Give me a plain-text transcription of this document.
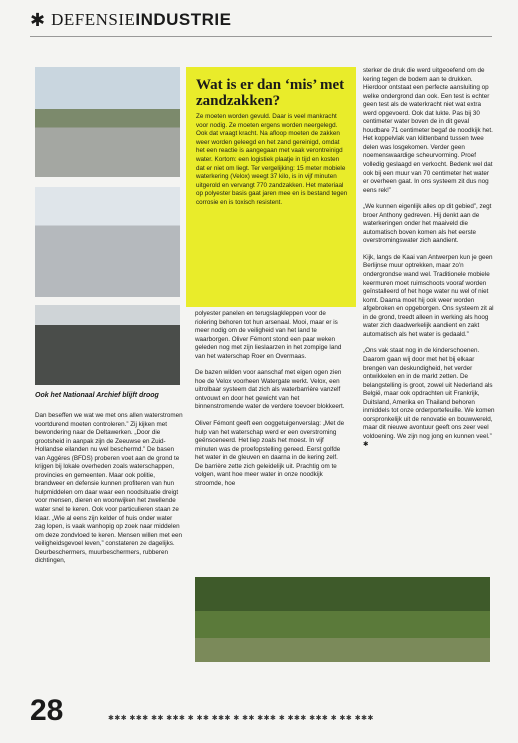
✱ DEFENSIEINDUSTRIE
Ook het Nationaal Archief blijft droog
Wat is er dan ‘mis’ met zandzakken?

Ze moeten worden gevuld. Daar is veel mankracht voor nodig. Ze moeten ergens worden neergelegd. Ook dat vraagt kracht. Na afloop moeten de zakken weer worden geleegd en het zand gereinigd, omdat het een reactie is aangegaan met vaak verontreinigd water. Kortom: een logistiek plaatje in tijd en kosten dat er niet om liegt. Ter vergelijking: 15 meter mobiele waterkering (Velox) weegt 37 kilo, is in vijf minuten uitgerold en vervangt 770 zandzakken. Het materiaal op polyester basis gaat jaren mee en is bestand tegen corrosie en is toxisch resistent.

Dan beseffen we wat we met ons allen waterstromen voortdurend moeten controleren.” Zij kijken met bewondering naar de Deltawerken. „Door die grootsheid in aanpak zijn de Zeeuwse en Zuid-Hollandse eilanden nu wel beschermd.” De basen van Aggéres (BFDS) proberen voet aan de grond te krijgen bij lokale overheden zoals waterschappen, provincies en gemeenten. Maar ook politie, brandweer en defensie kunnen profiteren van hun hulpmiddelen om daar waar een noodsituatie dreigt voor mensen, dieren en woonwijken het zwellende water snel te keren. Ook voor particulieren staan ze klaar. „Wie al eens zijn kelder of huis onder water zag lopen, is vaak wanhopig op zoek naar middelen om deze zondvloed te keren. Mensen willen met een veiligheidsgevoel leven,” constateren ze dagelijks. Deurbeschermers, muurbeschermers, rubberen dichtingen,

polyester panelen en terugslagkleppen voor de riolering behoren tot hun arsenaal. Mooi, maar er is meer nodig om de veiligheid van het land te waarborgen. Oliver Fémont stond een paar weken geleden nog met zijn lieslaarzen in het zompige land van het waterschap Roer en Overmaas.

De bazen wilden voor aanschaf met eigen ogen zien hoe de Velox voorheen Watergate werkt. Velox, een uitrolbaar systeem dat zich als waterbarrière vanzelf ontvouwt en door het gewicht van het binnenstromende water de verdere toevoer blokkeert.

Oliver Fémont geeft een ooggetuigenverslag: „Met de hulp van het waterschap werd er een overstroming geënsceneerd. Het liep zoals het moest. In vijf minuten was de proefopstelling gereed. Eerst golfde het water in de gleuven en daarna in de kering zelf. De barrière zette zich geleidelijk uit. Prachtig om te volgen, want hoe meer water in onze noodkijk stroomde, hoe

sterker de druk die werd uitgeoefend om de kering tegen de bodem aan te drukken. Hierdoor ontstaat een perfecte aansluiting op welke ondergrond dan ook. Een test is echter geen test als de waterkracht niet wat extra werd opgevoerd. Ook dat lukte. Pas bij 30 centimeter water boven de in dit geval houdbare 71 centimeter begaf de noodkijk het. Het koppelvlak van klittenband tussen twee delen was losgekomen. Verder geen noemenswaardige scheurvorming. Proef volledig geslaagd en verkocht. Bedenk wel dat ook bij een muur van 70 centimeter het water er overheen gaat. In ons systeem zit dus nog eens rek!”

„We kunnen eigenlijk alles op dit gebied”, zegt broer Anthony gedreven. Hij denkt aan de waterkeringen onder het maaiveld die automatisch boven komen als het eerste overstromingswater zich aandient.

Kijk, langs de Kaai van Antwerpen kun je geen Berlijnse muur optrekken, maar zo'n ondergrondse wand wel. Traditionele mobiele keermuren moet ruimschoots vooraf worden geïnstalleerd of het hoge water nu wel of niet komt. Daarna moet hij ook weer worden afgebroken en opgeborgen. Ons systeem zit al in de grond, treedt alleen in werking als hoog water zich daadwerkelijk aandient en zakt automatisch als het water is gedaald.”

„Ons vak staat nog in de kinderschoenen. Daarom gaan wij door met het bij elkaar brengen van deskundigheid, het verder ontwikkelen en in de markt zetten. De belangstelling is groot, zowel uit Nederland als België, maar ook opdrachten uit Frankrijk, Duitsland, Amerika en Thailand behoren inmiddels tot onze orderportefeuille. We komen oorspronkelijk uit de renovatie en bouwwereld, maar dit nieuwe avontuur geeft ons zeer veel voldoening. We zijn nog jong en kunnen veel.” ✱

28	✱✱✱ ✱✱✱ ✱✱ ✱✱✱ ✱ ✱✱ ✱✱✱ ✱ ✱✱ ✱✱✱ ✱ ✱✱✱ ✱✱✱ ✱ ✱✱ ✱✱✱
